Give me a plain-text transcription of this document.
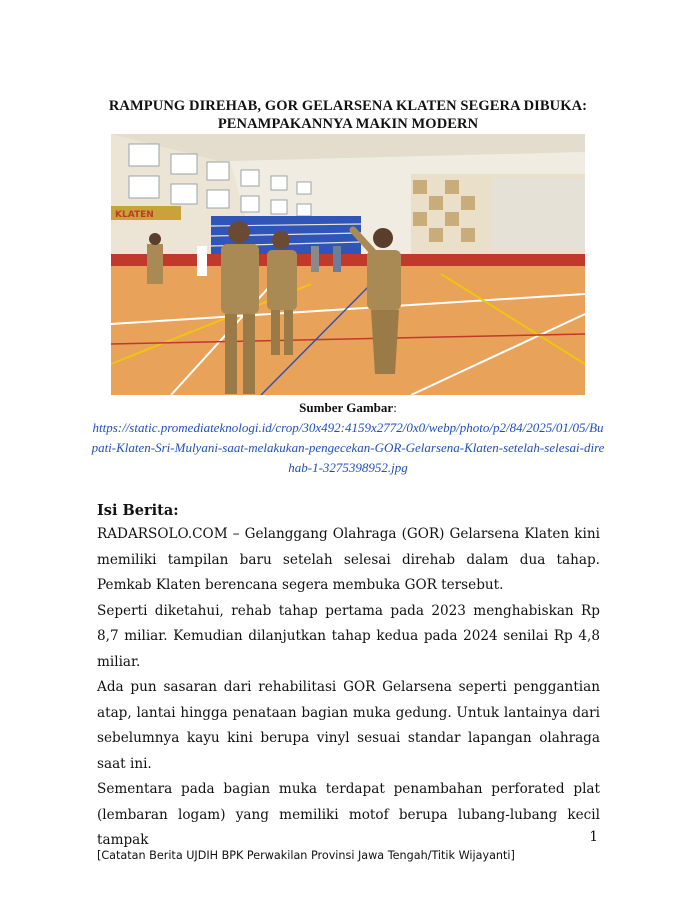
RAMPUNG DIREHAB, GOR GELARSENA KLATEN SEGERA DIBUKA:
PENAMPAKANNYA MAKIN MODERN
KLATEN
Sumber Gambar:
https://static.promediateknologi.id/crop/30x492:4159x2772/0x0/webp/photo/p2/84/2025/01/05/Bupati-Klaten-Sri-Mulyani-saat-melakukan-pengecekan-GOR-Gelarsena-Klaten-setelah-selesai-direhab-1-3275398952.jpg
Isi Berita:

RADARSOLO.COM – Gelanggang Olahraga (GOR) Gelarsena Klaten kini memiliki tampilan baru setelah selesai direhab dalam dua tahap. Pemkab Klaten berencana segera membuka GOR tersebut.

Seperti diketahui, rehab tahap pertama pada 2023 menghabiskan Rp 8,7 miliar. Kemudian dilanjutkan tahap kedua pada 2024 senilai Rp 4,8 miliar.

Ada pun sasaran dari rehabilitasi GOR Gelarsena seperti penggantian atap, lantai hingga penataan bagian muka gedung. Untuk lantainya dari sebelumnya kayu kini berupa vinyl sesuai standar lapangan olahraga saat ini.

Sementara pada bagian muka terdapat penambahan perforated plat (lembaran logam) yang memiliki motof berupa lubang-lubang kecil tampak	1
[Catatan Berita UJDIH BPK Perwakilan Provinsi Jawa Tengah/Titik Wijayanti]
